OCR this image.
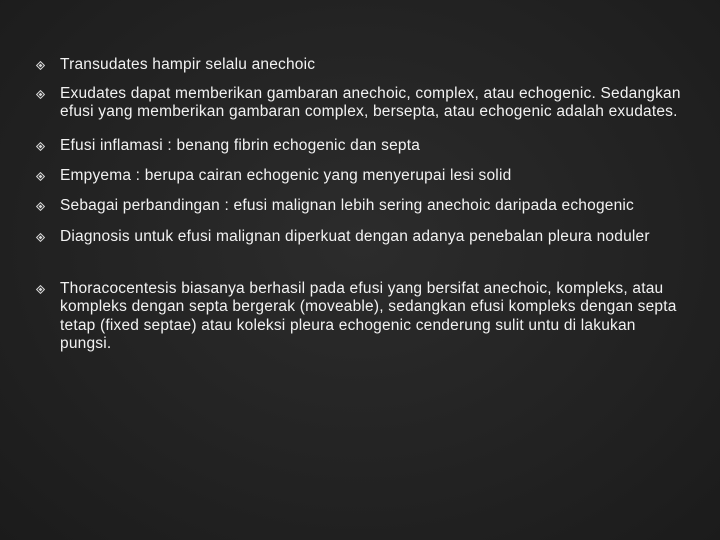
Transudates hampir selalu anechoic
Exudates dapat memberikan gambaran anechoic, complex, atau echogenic. Sedangkan efusi yang memberikan gambaran complex, bersepta, atau echogenic adalah exudates.
Efusi inflamasi : benang fibrin echogenic dan septa
Empyema : berupa cairan echogenic yang menyerupai lesi solid
Sebagai perbandingan : efusi malignan lebih sering anechoic daripada echogenic
Diagnosis untuk efusi malignan diperkuat dengan adanya penebalan pleura noduler
Thoracocentesis biasanya berhasil pada efusi yang bersifat anechoic, kompleks, atau kompleks dengan septa bergerak (moveable), sedangkan efusi kompleks dengan septa tetap (fixed septae) atau koleksi pleura echogenic cenderung sulit untu di lakukan pungsi.
